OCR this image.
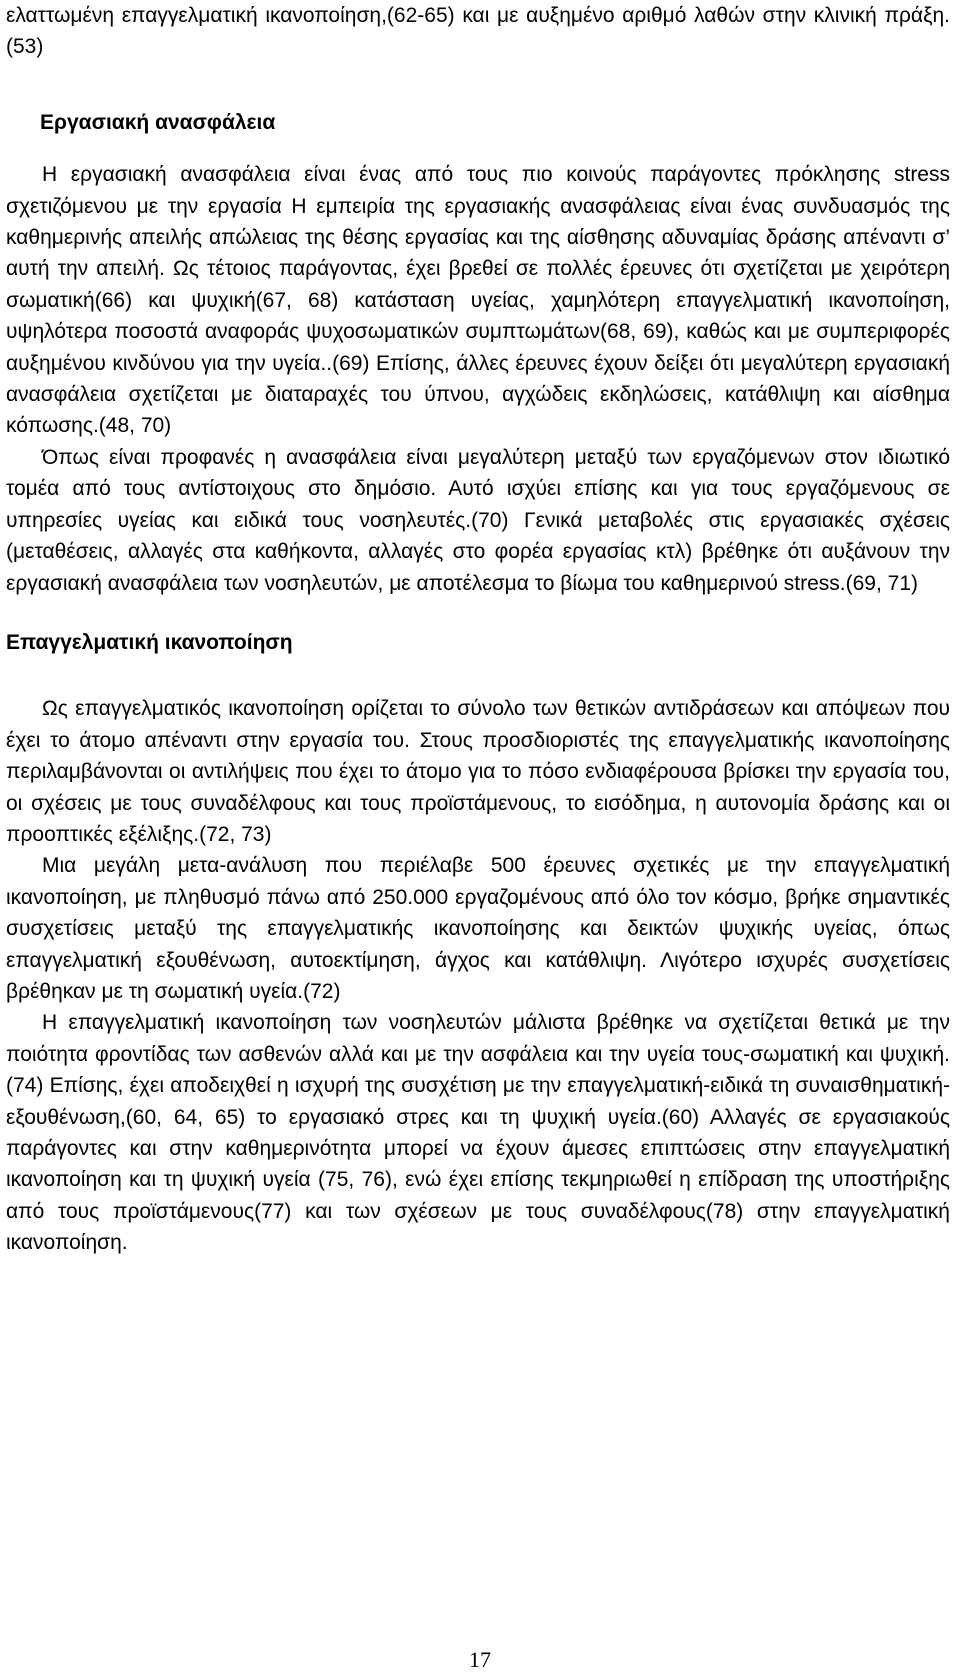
ελαττωμένη επαγγελματική ικανοποίηση,(62-65) και με αυξημένο αριθμό λαθών στην κλινική πράξη.(53)

Εργασιακή ανασφάλεια

Η εργασιακή ανασφάλεια είναι ένας από τους πιο κοινούς παράγοντες πρόκλησης stress σχετιζόμενου με την εργασία Η εμπειρία της εργασιακής ανασφάλειας είναι ένας συνδυασμός της καθημερινής απειλής απώλειας της θέσης εργασίας και της αίσθησης αδυναμίας δράσης απέναντι σ’ αυτή την απειλή. Ως τέτοιος παράγοντας, έχει βρεθεί σε πολλές έρευνες ότι σχετίζεται με χειρότερη σωματική(66) και ψυχική(67, 68) κατάσταση υγείας, χαμηλότερη επαγγελματική ικανοποίηση, υψηλότερα ποσοστά αναφοράς ψυχοσωματικών συμπτωμάτων(68, 69), καθώς και με συμπεριφορές αυξημένου κινδύνου για την υγεία..(69) Επίσης, άλλες έρευνες έχουν δείξει ότι μεγαλύτερη εργασιακή ανασφάλεια σχετίζεται με διαταραχές του ύπνου, αγχώδεις εκδηλώσεις, κατάθλιψη και αίσθημα κόπωσης.(48, 70)

Όπως είναι προφανές η ανασφάλεια είναι μεγαλύτερη μεταξύ των εργαζόμενων στον ιδιωτικό τομέα από τους αντίστοιχους στο δημόσιο. Αυτό ισχύει επίσης και για τους εργαζόμενους σε υπηρεσίες υγείας και ειδικά τους νοσηλευτές.(70) Γενικά μεταβολές στις εργασιακές σχέσεις (μεταθέσεις, αλλαγές στα καθήκοντα, αλλαγές στο φορέα εργασίας κτλ) βρέθηκε ότι αυξάνουν την εργασιακή ανασφάλεια των νοσηλευτών, με αποτέλεσμα το βίωμα του καθημερινού stress.(69, 71)

Επαγγελματική ικανοποίηση

Ως επαγγελματικός ικανοποίηση ορίζεται το σύνολο των θετικών αντιδράσεων και απόψεων που έχει το άτομο απέναντι στην εργασία του. Στους προσδιοριστές της επαγγελματικής ικανοποίησης περιλαμβάνονται οι αντιλήψεις που έχει το άτομο για το πόσο ενδιαφέρουσα βρίσκει την εργασία του, οι σχέσεις με τους συναδέλφους και τους προϊστάμενους, το εισόδημα, η αυτονομία δράσης και οι προοπτικές εξέλιξης.(72, 73)

Μια μεγάλη μετα-ανάλυση που περιέλαβε 500 έρευνες σχετικές με την επαγγελματική ικανοποίηση, με πληθυσμό πάνω από 250.000 εργαζομένους από όλο τον κόσμο, βρήκε σημαντικές συσχετίσεις μεταξύ της επαγγελματικής ικανοποίησης και δεικτών ψυχικής υγείας, όπως επαγγελματική εξουθένωση, αυτοεκτίμηση, άγχος και κατάθλιψη. Λιγότερο ισχυρές συσχετίσεις βρέθηκαν με τη σωματική υγεία.(72)

Η επαγγελματική ικανοποίηση των νοσηλευτών μάλιστα βρέθηκε να σχετίζεται θετικά με την ποιότητα φροντίδας των ασθενών αλλά και με την ασφάλεια και την υγεία τους-σωματική και ψυχική.(74) Επίσης, έχει αποδειχθεί η ισχυρή της συσχέτιση με την επαγγελματική-ειδικά τη συναισθηματική- εξουθένωση,(60, 64, 65) το εργασιακό στρες και τη ψυχική υγεία.(60) Αλλαγές σε εργασιακούς παράγοντες και στην καθημερινότητα μπορεί να έχουν άμεσες επιπτώσεις στην επαγγελματική ικανοποίηση και τη ψυχική υγεία (75, 76), ενώ έχει επίσης τεκμηριωθεί η επίδραση της υποστήριξης από τους προϊστάμενους(77) και των σχέσεων με τους συναδέλφους(78) στην επαγγελματική ικανοποίηση.

17
